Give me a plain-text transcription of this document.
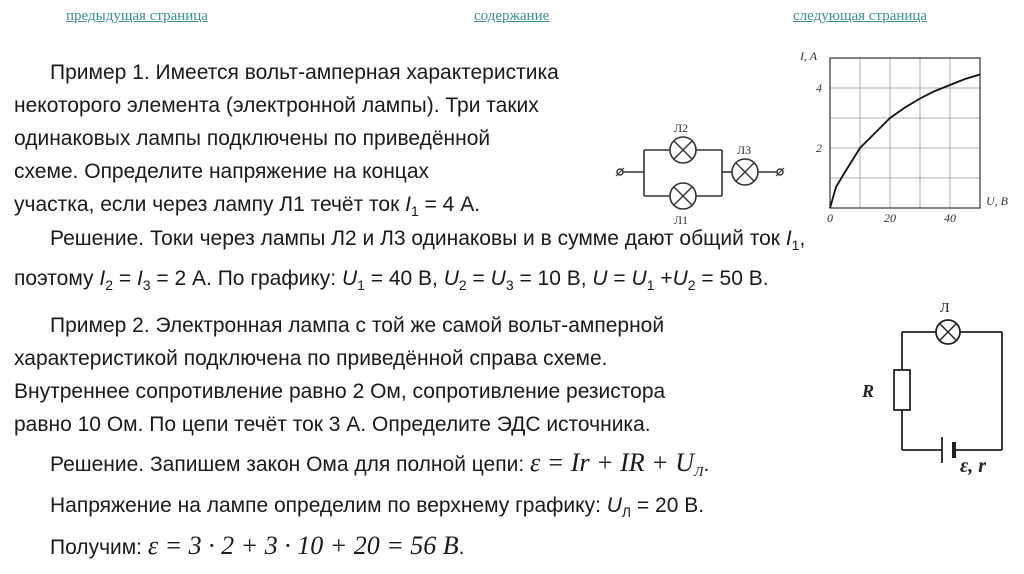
предыдущая страница	содержание	следующая страница
Пример 1. Имеется вольт-амперная характеристика
некоторого элемента (электронной лампы). Три таких
одинаковых лампы подключены по приведённой
схеме. Определите напряжение на концах
участка, если через лампу Л1 течёт ток $I_1 = 4$ А.
Решение. Токи через лампы Л2 и Л3 одинаковы и в сумме дают общий ток $I_1$,
поэтому $I_2 = I_3 = 2$ А. По графику: $U_1 = 40$ В, $U_2 = U_3 = 10$ В, $U = U_1 +U_2 = 50$ В.
Пример 2. Электронная лампа с той же самой вольт-амперной
характеристикой подключена по приведённой справа схеме.
Внутреннее сопротивление равно 2 Ом, сопротивление резистора
равно 10 Ом. По цепи течёт ток 3 А. Определите ЭДС источника.
Решение. Запишем закон Ома для полной цепи: ε = Ir + IR + $U_Л$.
Напряжение на лампе определим по верхнему графику: $U_Л = 20$ В.
Получим: ε = 3 · 2 + 3 · 10 + 20 = 56 В.
Л2
Л1
Л3
0	20	40
2
4
I, A
U, B
Л
R
ε, r
